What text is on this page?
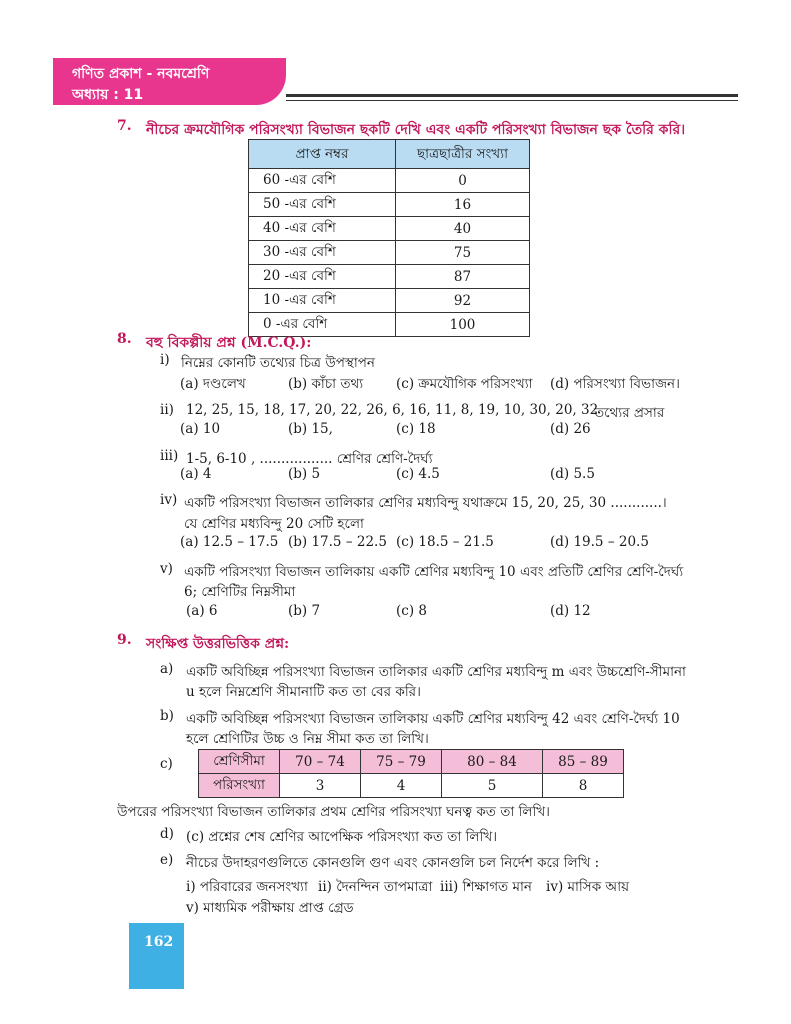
গণিত প্রকাশ - নবমশ্রেণি
অধ্যায় : 11
7. নীচের ক্রমযৌগিক পরিসংখ্যা বিভাজন ছকটি দেখি এবং একটি পরিসংখ্যা বিভাজন ছক তৈরি করি।
প্রাপ্ত নম্বর	ছাত্রছাত্রীর সংখ্যা
60 -এর বেশি	0
50 -এর বেশি	16
40 -এর বেশি	40
30 -এর বেশি	75
20 -এর বেশি	87
10 -এর বেশি	92
0 -এর বেশি	100
8. বহু বিকল্পীয় প্রশ্ন (M.C.Q.):
i) নিম্নের কোনটি তথ্যের চিত্র উপস্থাপন
(a) দণ্ডলেখ	(b) কাঁচা তথ্য (c) ক্রমযৌগিক পরিসংখ্যা (d) পরিসংখ্যা বিভাজন।
ii) 12, 25, 15, 18, 17, 20, 22, 26, 6, 16, 11, 8, 19, 10, 30, 20, 32
তথ্যের প্রসার
(a) 10	(b) 15,	(c) 18	(d) 26
iii) 1-5, 6-10 , ................. শ্রেণির শ্রেণি-দৈর্ঘ্য
(a) 4	(b) 5	(c) 4.5	(d) 5.5
iv) একটি পরিসংখ্যা বিভাজন তালিকার শ্রেণির মধ্যবিন্দু যথাক্রমে 15, 20, 25, 30 ............।
যে শ্রেণির মধ্যবিন্দু 20 সেটি হলো
(a) 12.5 – 17.5 (b) 17.5 – 22.5 (c) 18.5 – 21.5	(d) 19.5 – 20.5
v) একটি পরিসংখ্যা বিভাজন তালিকায় একটি শ্রেণির মধ্যবিন্দু 10 এবং প্রতিটি শ্রেণির শ্রেণি-দৈর্ঘ্য
6; শ্রেণিটির নিম্নসীমা
(a) 6	(b) 7	(c) 8	(d) 12
9. সংক্ষিপ্ত উত্তরভিত্তিক প্রশ্ন:
a) একটি অবিচ্ছিন্ন পরিসংখ্যা বিভাজন তালিকার একটি শ্রেণির মধ্যবিন্দু m এবং উচ্চশ্রেণি-সীমানা
u হলে নিম্নশ্রেণি সীমানাটি কত তা বের করি।
b) একটি অবিচ্ছিন্ন পরিসংখ্যা বিভাজন তালিকায় একটি শ্রেণির মধ্যবিন্দু 42 এবং শ্রেণি-দৈর্ঘ্য 10
হলে শ্রেণিটির উচ্চ ও নিম্ন সীমা কত তা লিখি।
c)	শ্রেণিসীমা	70 – 74	75 – 79	80 – 84	85 – 89
পরিসংখ্যা	3	4	5	8
উপরের পরিসংখ্যা বিভাজন তালিকার প্রথম শ্রেণির পরিসংখ্যা ঘনত্ব কত তা লিখি।
d) (c) প্রশ্নের শেষ শ্রেণির আপেক্ষিক পরিসংখ্যা কত তা লিখি।
e) নীচের উদাহরণগুলিতে কোনগুলি গুণ এবং কোনগুলি চল নির্দেশ করে লিখি :
i) পরিবারের জনসংখ্যা ii) দৈনন্দিন তাপমাত্রা iii) শিক্ষাগত মান iv) মাসিক আয়
v) মাধ্যমিক পরীক্ষায় প্রাপ্ত গ্রেড
162
